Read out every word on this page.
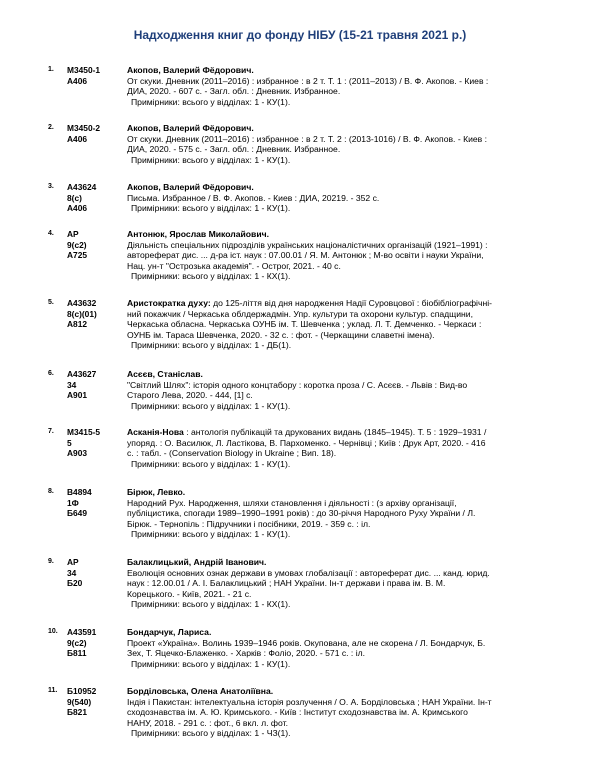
Надходження книг до фонду НІБУ (15-21 травня 2021 р.)
1. М3450-1
А406
Акопов, Валерий Фёдорович.
От скуки. Дневник (2011–2016) : избранное : в 2 т. Т. 1 : (2011–2013) / В. Ф. Акопов. - Киев :
ДИА, 2020. - 607 с. - Загл. обл. : Дневник. Избранное.
Примірники: всього у відділах: 1 - КУ(1).
2. М3450-2
А406
Акопов, Валерий Фёдорович.
От скуки. Дневник (2011–2016) : избранное : в 2 т. Т. 2 : (2013-1016) / В. Ф. Акопов. - Киев :
ДИА, 2020. - 575 с. - Загл. обл. : Дневник. Избранное.
Примірники: всього у відділах: 1 - КУ(1).
3. А43624
8(с)
А406
Акопов, Валерий Фёдорович.
Письма. Избранное / В. Ф. Акопов. - Киев : ДИА, 20219. - 352 с.
Примірники: всього у відділах: 1 - КУ(1).
4. АР
9(с2)
А725
Антонюк, Ярослав Миколайович.
Діяльність спеціальних підрозділів українських націоналістичних організацій (1921–1991) :
автореферат дис. ... д-ра іст. наук : 07.00.01 / Я. М. Антонюк ; М-во освіти і науки України,
Нац. ун-т "Острозька академія". - Острог, 2021. - 40 с.
Примірники: всього у відділах: 1 - КХ(1).
5. А43632
8(с)(01)
А812
Аристократка духу: до 125-ліття від дня народження Надії Суровцової : біобібліографічні-
ний покажчик / Черкаська облдержадмін. Упр. культури та охорони культур. спадщини,
Черкаська обласна. Черкаська ОУНБ ім. Т. Шевченка ; уклад. Л. Т. Демченко. - Черкаси :
ОУНБ ім. Тараса Шевченка, 2020. - 32 с. : фот. - (Черкащини славетні імена).
Примірники: всього у відділах: 1 - ДБ(1).
6. А43627
34
А901
Асєєв, Станіслав.
"Світлий Шлях": історія одного концтабору : коротка проза / С. Асєєв. - Львів : Вид-во
Старого Лева, 2020. - 444, [1] с.
Примірники: всього у відділах: 1 - КУ(1).
7. М3415-5
5
А903
Асканія-Нова : антологія публікацій та друкованих видань (1845–1945). Т. 5 : 1929–1931 /
упоряд. : О. Василюк, Л. Ластікова, В. Пархоменко. - Чернівці ; Київ : Друк Арт, 2020. - 416
с. : табл. - (Conservation Biology in Ukraine ; Вип. 18).
Примірники: всього у відділах: 1 - КУ(1).
8. В4894
1Ф
Б649
Бірюк, Левко.
Народний Рух. Народження, шляхи становлення і діяльності : (з архіву організації,
публіцистика, спогади 1989–1990–1991 років) : до 30-річчя Народного Руху України / Л.
Бірюк. - Тернопіль : Підручники і посібники, 2019. - 359 с. : іл.
Примірники: всього у відділах: 1 - КУ(1).
9. АР
34
Б20
Балаклицький, Андрій Іванович.
Еволюція основних ознак держави в умовах глобалізації : автореферат дис. ... канд. юрид.
наук : 12.00.01 / А. І. Балаклицький ; НАН України. Ін-т держави і права ім. В. М.
Корецького. - Київ, 2021. - 21 с.
Примірники: всього у відділах: 1 - КХ(1).
10. А43591
9(с2)
Б811
Бондарчук, Лариса.
Проект «Україна». Волинь 1939–1946 років. Окупована, але не скорена / Л. Бондарчук, Б.
Зех, Т. Яцечко-Блаженко. - Харків : Фоліо, 2020. - 571 с. : іл.
Примірники: всього у відділах: 1 - КУ(1).
11. Б10952
9(540)
Б821
Борділовська, Олена Анатоліївна.
Індія і Пакистан: інтелектуальна історія розлучення / О. А. Борділовська ; НАН України. Ін-т
сходознавства ім. А. Ю. Кримського. - Київ : Інститут сходознавства ім. А. Кримського
НАНУ, 2018. - 291 с. : фот., 6 вкл. л. фот.
Примірники: всього у відділах: 1 - ЧЗ(1).
